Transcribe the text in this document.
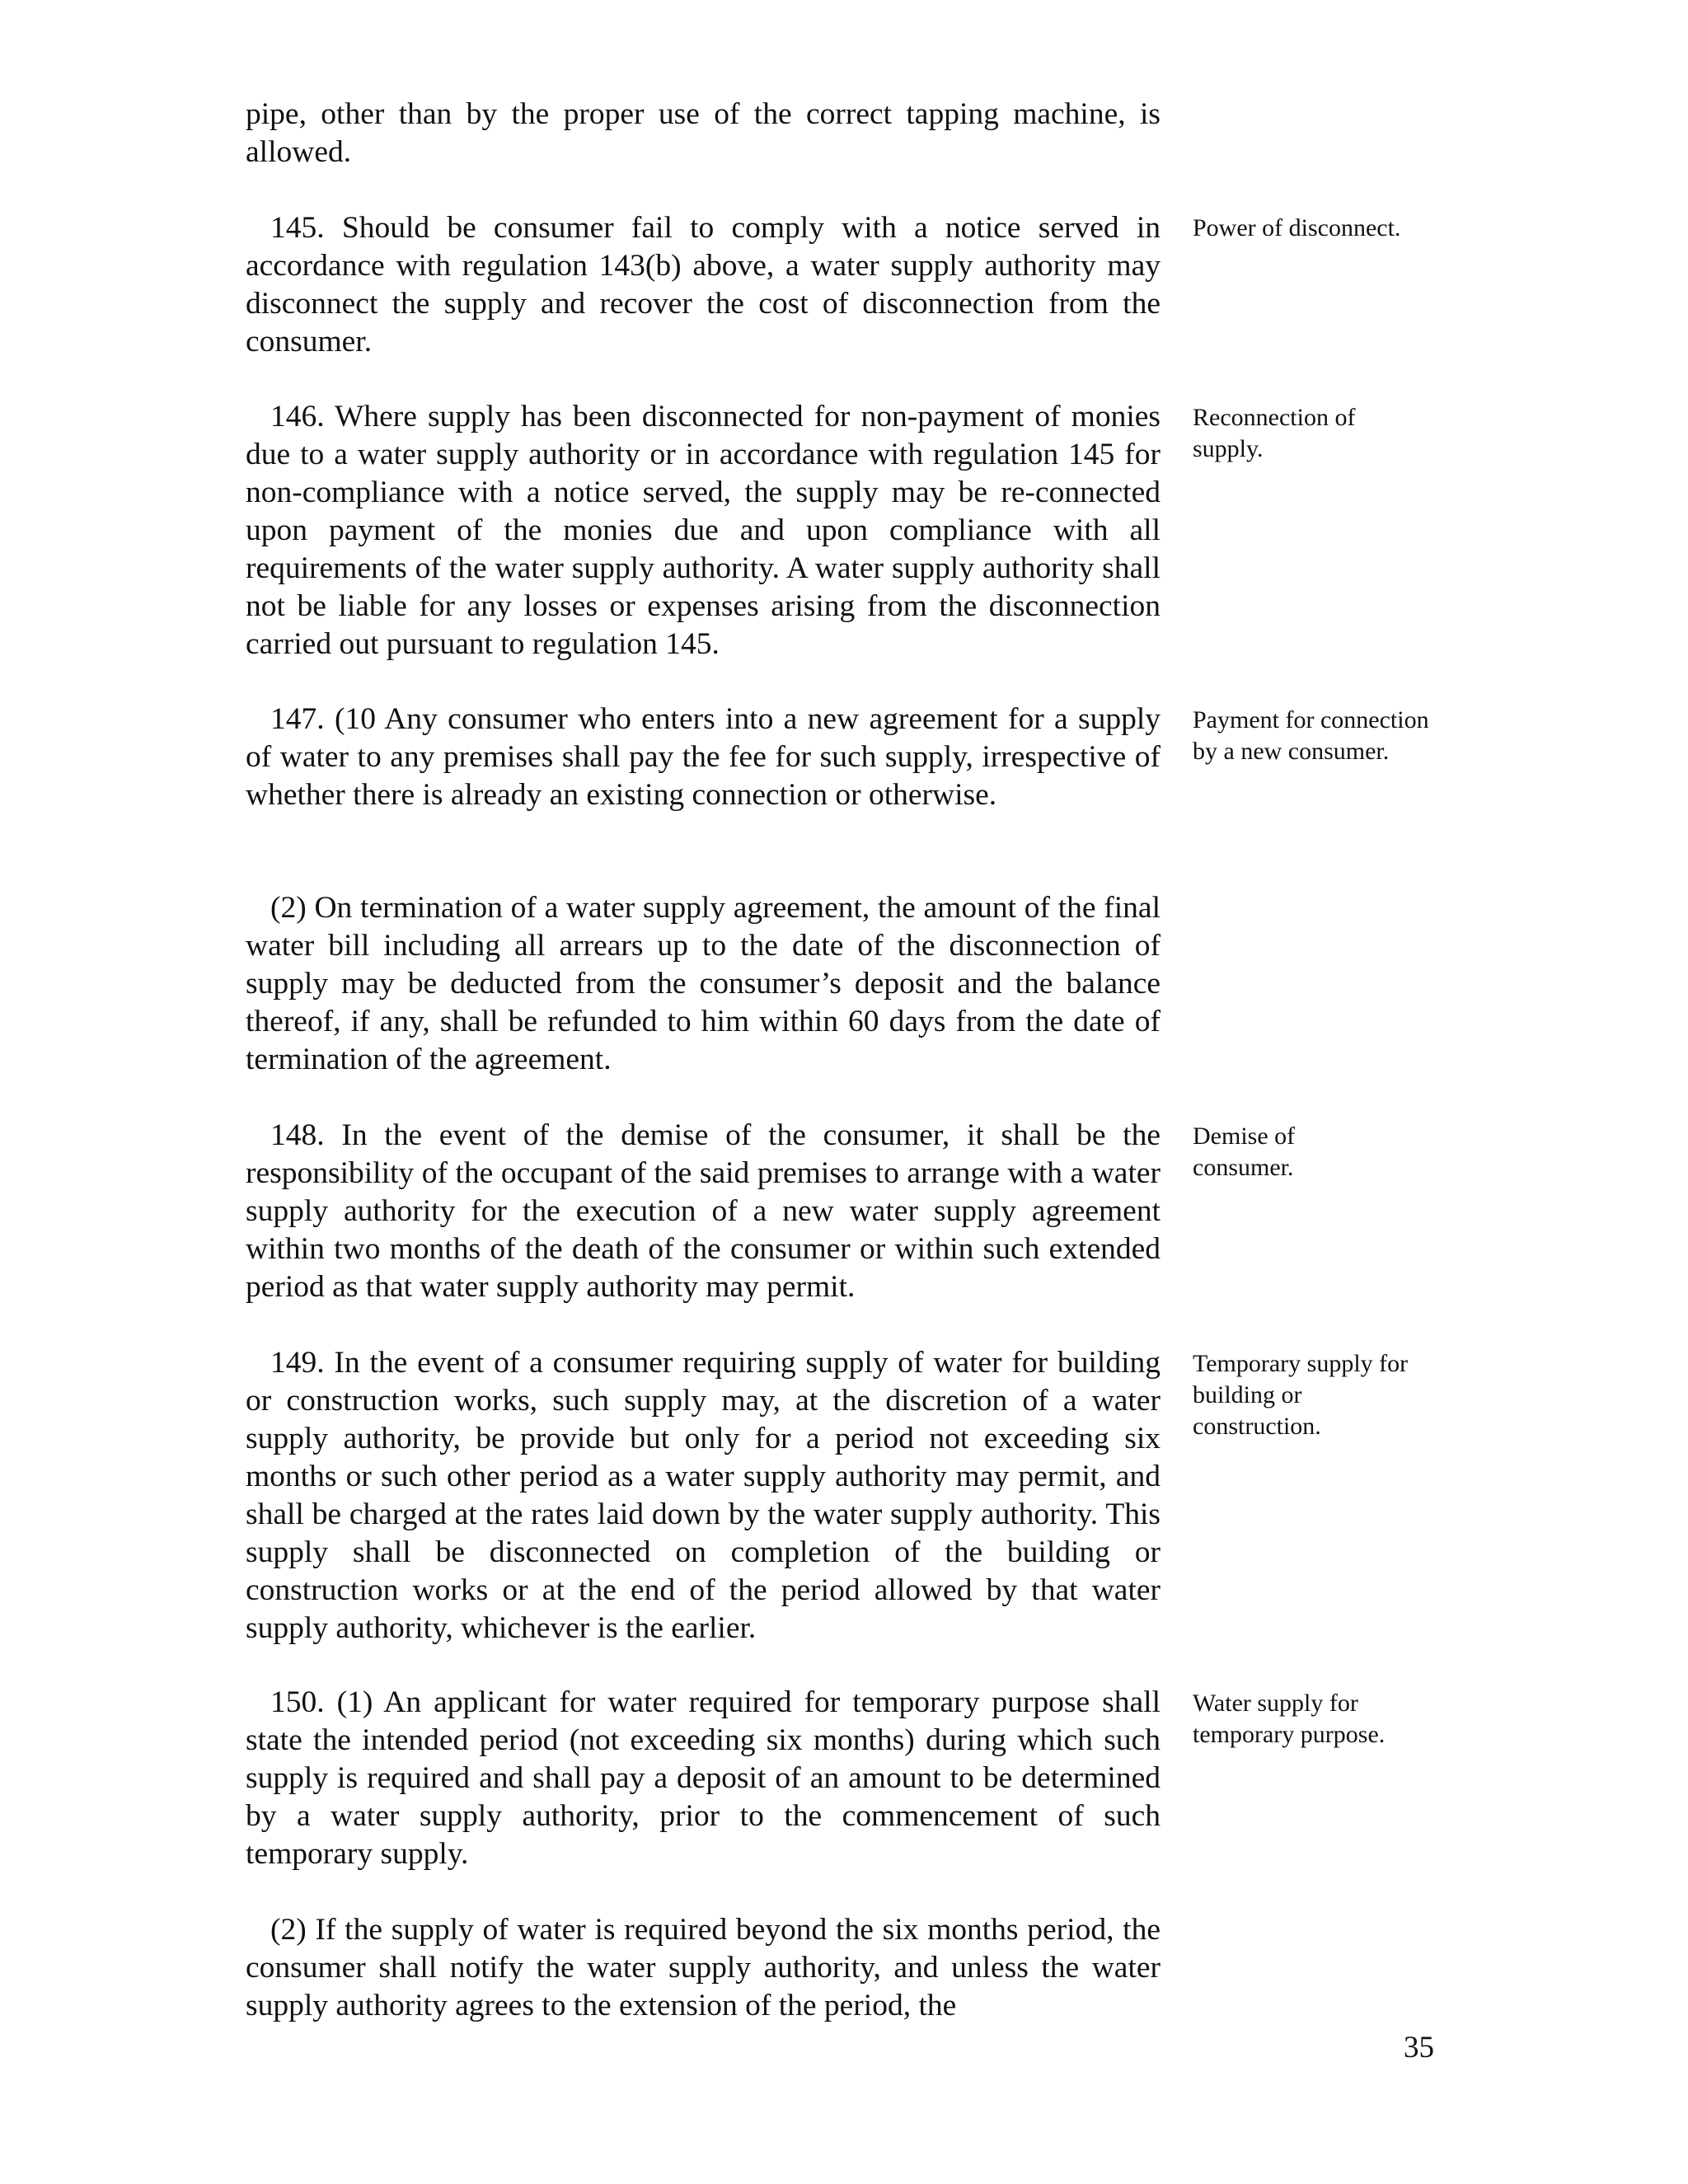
pipe, other than by the proper use of the correct tapping machine, is allowed.

145. Should be consumer fail to comply with a notice served in accordance with regulation 143(b) above, a water supply authority may disconnect the supply and recover the cost of disconnection from the consumer.

146. Where supply has been disconnected for non-payment of monies due to a water supply authority or in accordance with regulation 145 for non-compliance with a notice served, the supply may be re-connected upon payment of the monies due and upon compliance with all requirements of the water supply authority. A water supply authority shall not be liable for any losses or expenses arising from the disconnection carried out pursuant to regulation 145.

147. (10 Any consumer who enters into a new agreement for a supply of water to any premises shall pay the fee for such supply, irrespective of whether there is already an existing connection or otherwise.

(2) On termination of a water supply agreement, the amount of the final water bill including all arrears up to the date of the disconnection of supply may be deducted from the consumer’s deposit and the balance thereof, if any, shall be refunded to him within 60 days from the date of termination of the agreement.

148. In the event of the demise of the consumer, it shall be the responsibility of the occupant of the said premises to arrange with a water supply authority for the execution of a new water supply agreement within two months of the death of the consumer or within such extended period as that water supply authority may permit.

149. In the event of a consumer requiring supply of water for building or construction works, such supply may, at the discretion of a water supply authority, be provide but only for a period not exceeding six months or such other period as a water supply authority may permit, and shall be charged at the rates laid down by the water supply authority. This supply shall be disconnected on completion of the building or construction works or at the end of the period allowed by that water supply authority, whichever is the earlier.

150. (1) An applicant for water required for temporary purpose shall state the intended period (not exceeding six months) during which such supply is required and shall pay a deposit of an amount to be determined by a water supply authority, prior to the commencement of such temporary supply.

(2) If the supply of water is required beyond the six months period, the consumer shall notify the water supply authority, and unless the water supply authority agrees to the extension of the period, the

Power of disconnect.
Reconnection of supply.
Payment for connection by a new consumer.
Demise of consumer.
Temporary supply for building or construction.
Water supply for temporary purpose.
35
